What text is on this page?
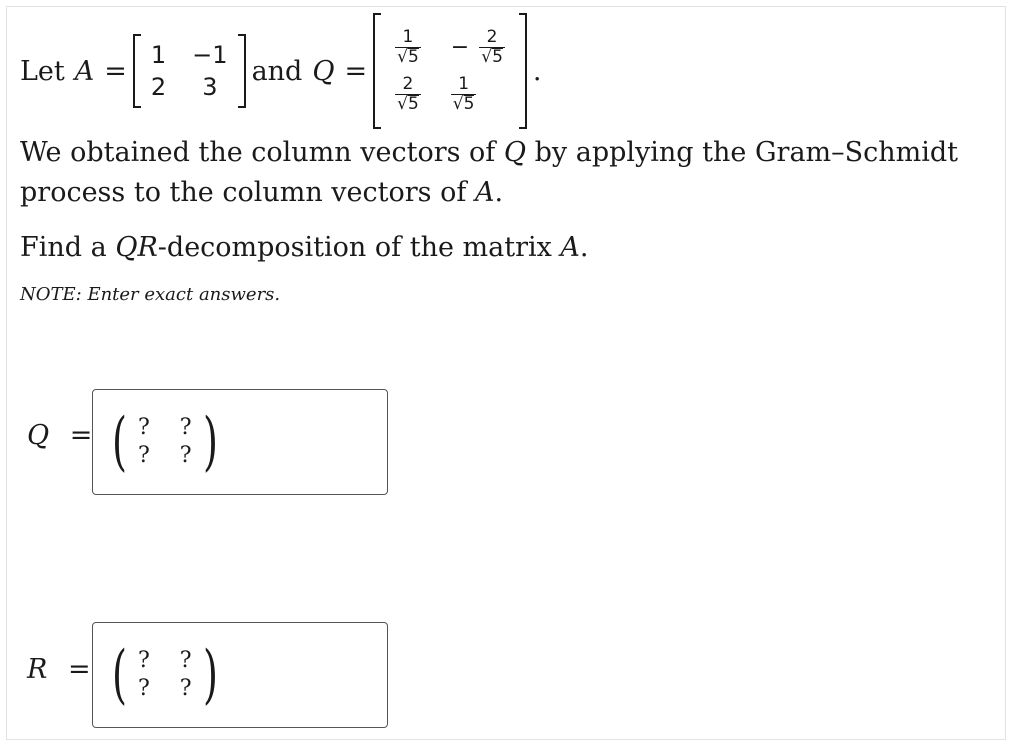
Let A =
1 −1
2	3
and Q =
$\frac{1}{√ 5} - \frac{2}{√ 5}$
$\frac{2}{√ 5} \frac{1}{√ 5}$
.
We obtained the column vectors of Q by applying the Gram–Schmidt
process to the column vectors of A.
Find a QR-decomposition of the matrix A.
NOTE: Enter exact answers.
Q = ( ? ?
? ? )
R = ( ? ?
? ? )
